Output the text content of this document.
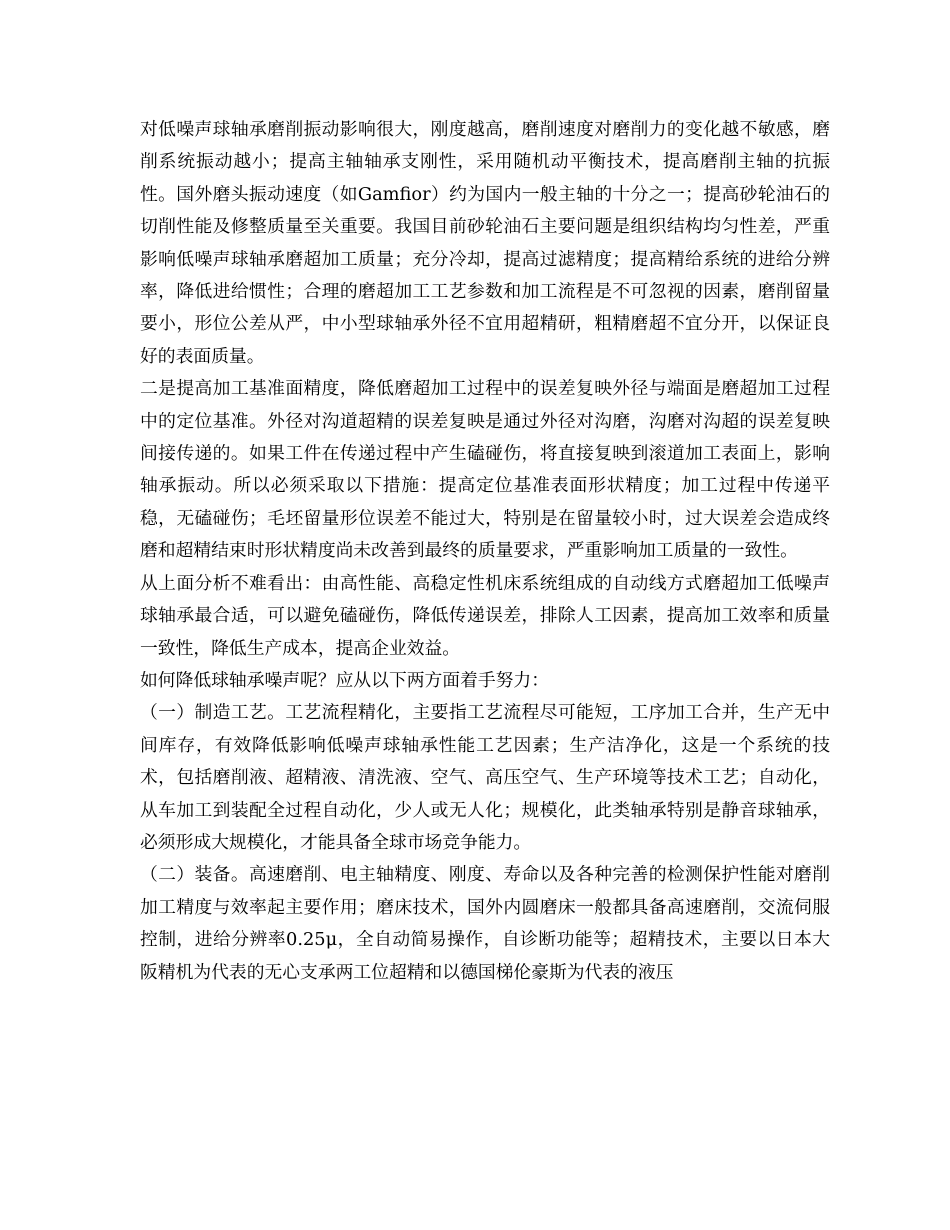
对低噪声球轴承磨削振动影响很大，刚度越高，磨削速度对磨削力的变化越不敏感，磨削系统振动越小；提高主轴轴承支刚性，采用随机动平衡技术，提高磨削主轴的抗振性。国外磨头振动速度（如Gamfior）约为国内一般主轴的十分之一；提高砂轮油石的切削性能及修整质量至关重要。我国目前砂轮油石主要问题是组织结构均匀性差，严重影响低噪声球轴承磨超加工质量；充分冷却，提高过滤精度；提高精给系统的进给分辨率，降低进给惯性；合理的磨超加工工艺参数和加工流程是不可忽视的因素，磨削留量要小，形位公差从严，中小型球轴承外径不宜用超精研，粗精磨超不宜分开，以保证良好的表面质量。

二是提高加工基准面精度，降低磨超加工过程中的误差复映外径与端面是磨超加工过程中的定位基准。外径对沟道超精的误差复映是通过外径对沟磨，沟磨对沟超的误差复映间接传递的。如果工件在传递过程中产生磕碰伤，将直接复映到滚道加工表面上，影响轴承振动。所以必须采取以下措施：提高定位基准表面形状精度；加工过程中传递平稳，无磕碰伤；毛坯留量形位误差不能过大，特别是在留量较小时，过大误差会造成终磨和超精结束时形状精度尚未改善到最终的质量要求，严重影响加工质量的一致性。

从上面分析不难看出：由高性能、高稳定性机床系统组成的自动线方式磨超加工低噪声球轴承最合适，可以避免磕碰伤，降低传递误差，排除人工因素，提高加工效率和质量一致性，降低生产成本，提高企业效益。

如何降低球轴承噪声呢？应从以下两方面着手努力：

（一）制造工艺。工艺流程精化，主要指工艺流程尽可能短，工序加工合并，生产无中间库存，有效降低影响低噪声球轴承性能工艺因素；生产洁净化，这是一个系统的技术，包括磨削液、超精液、清洗液、空气、高压空气、生产环境等技术工艺；自动化，从车加工到装配全过程自动化，少人或无人化；规模化，此类轴承特别是静音球轴承，必须形成大规模化，才能具备全球市场竞争能力。

（二）装备。高速磨削、电主轴精度、刚度、寿命以及各种完善的检测保护性能对磨削加工精度与效率起主要作用；磨床技术，国外内圆磨床一般都具备高速磨削，交流伺服控制，进给分辨率0.25μ，全自动简易操作，自诊断功能等；超精技术，主要以日本大阪精机为代表的无心支承两工位超精和以德国梯伦豪斯为代表的液压
